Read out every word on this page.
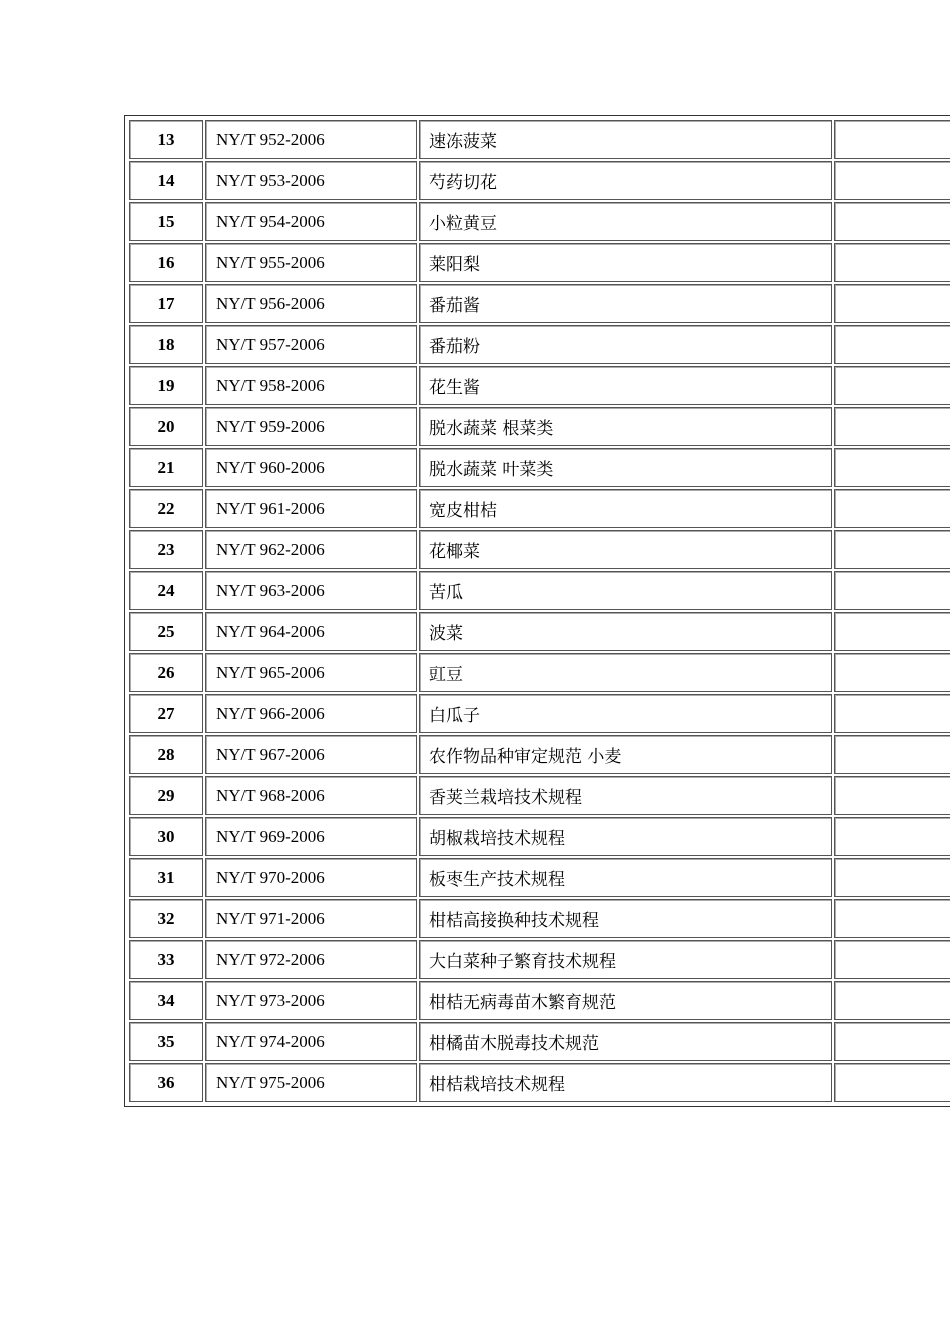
13	NY/T 952-2006	速冻菠菜	
14	NY/T 953-2006	芍药切花	
15	NY/T 954-2006	小粒黄豆	
16	NY/T 955-2006	莱阳梨	
17	NY/T 956-2006	番茄酱	
18	NY/T 957-2006	番茄粉	
19	NY/T 958-2006	花生酱	
20	NY/T 959-2006	脱水蔬菜 根菜类	
21	NY/T 960-2006	脱水蔬菜 叶菜类	
22	NY/T 961-2006	宽皮柑桔	
23	NY/T 962-2006	花椰菜	
24	NY/T 963-2006	苦瓜	
25	NY/T 964-2006	波菜	
26	NY/T 965-2006	豇豆	
27	NY/T 966-2006	白瓜子	
28	NY/T 967-2006	农作物品种审定规范 小麦	
29	NY/T 968-2006	香荚兰栽培技术规程	
30	NY/T 969-2006	胡椒栽培技术规程	
31	NY/T 970-2006	板枣生产技术规程	
32	NY/T 971-2006	柑桔高接换种技术规程	
33	NY/T 972-2006	大白菜种子繁育技术规程	
34	NY/T 973-2006	柑桔无病毒苗木繁育规范	
35	NY/T 974-2006	柑橘苗木脱毒技术规范	
36	NY/T 975-2006	柑桔栽培技术规程	
